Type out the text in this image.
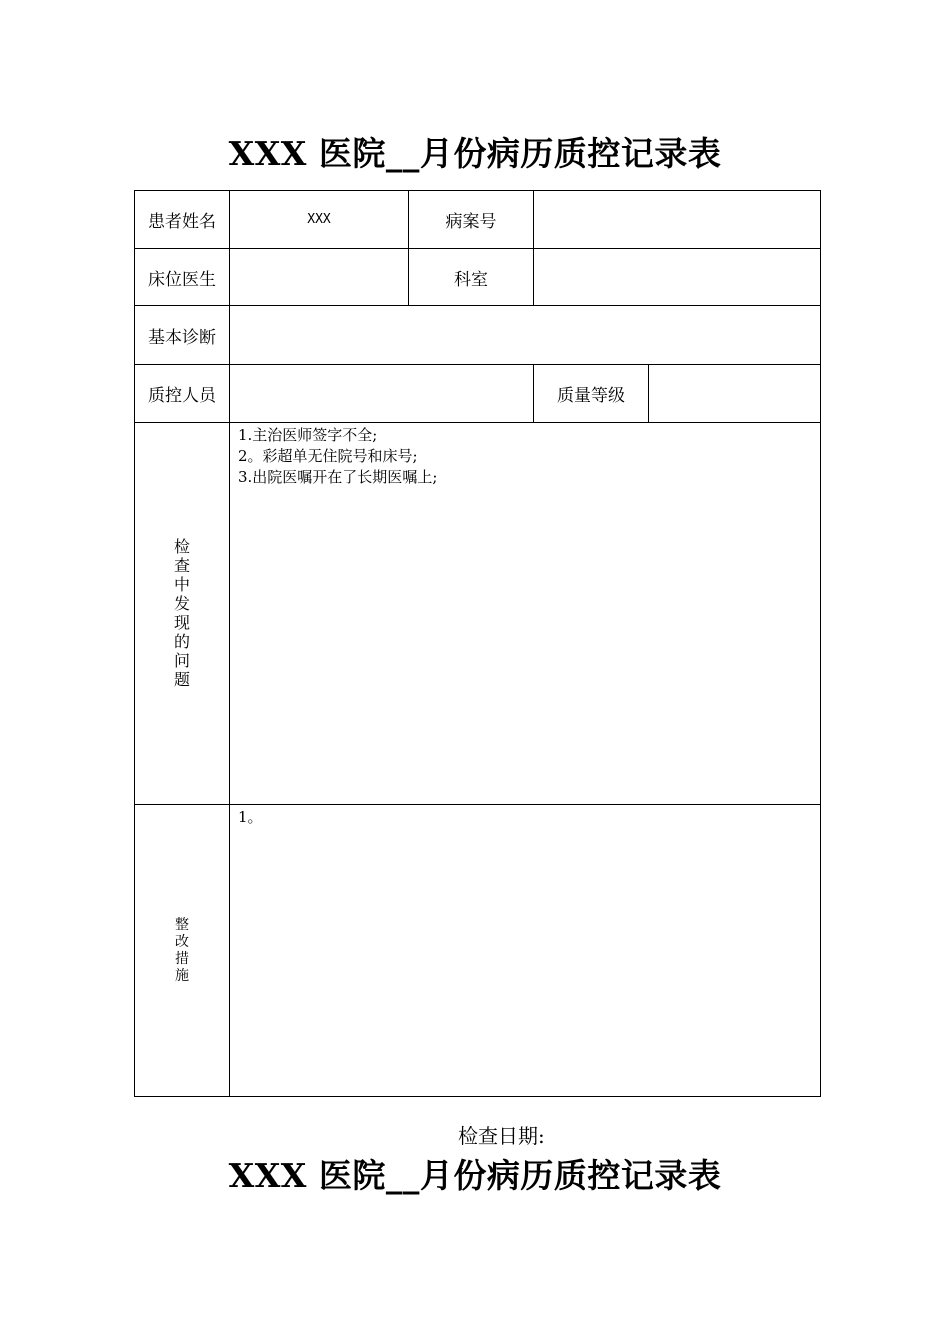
XXX 医院__月份病历质控记录表
患者姓名	XXX	病案号		
床位医生		科室		
基本诊断				
质控人员			质量等级	
检查中发现的问题	1.主治医师签字不全;
2。彩超单无住院号和床号;
3.出院医嘱开在了长期医嘱上;			

整改措施	1。			
检查日期:
XXX 医院__月份病历质控记录表
